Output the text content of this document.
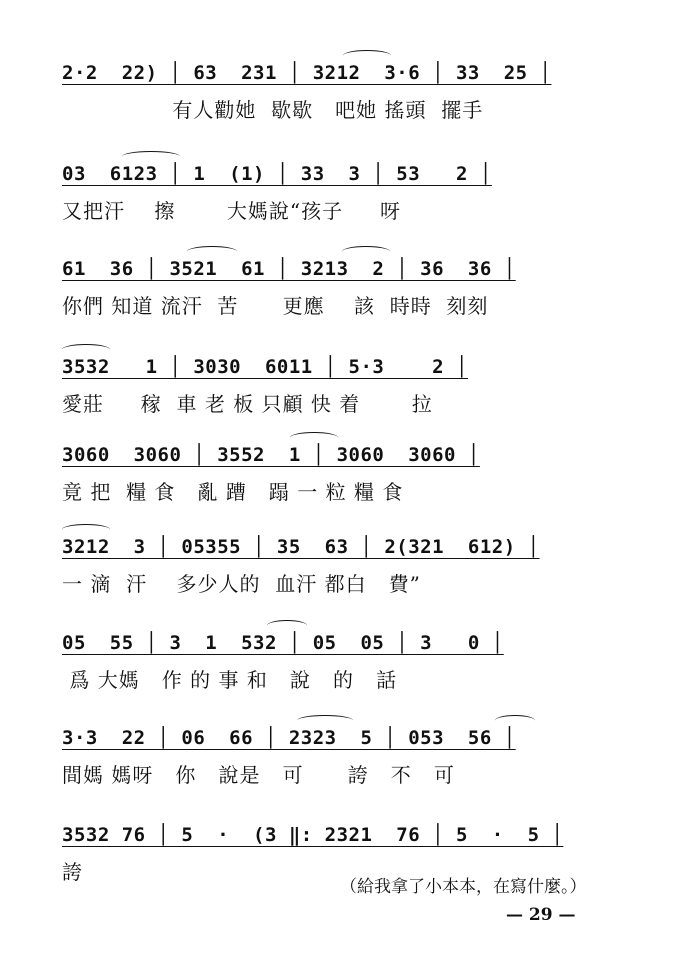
2·2  22) │ 63  231 │ 3212  3·6 │ 33  25 │
有人勸她  歇歇   吧她 搖頭  擺手
03  6123 │ 1  (1) │ 33  3 │ 53   2 │
又把汗    擦       大媽說“孩子     呀
61  36 │ 3521  61 │ 3213  2 │ 36  36 │
你們 知道 流汗  苦      更應    該  時時  刻刻
3532   1 │ 3030  6011 │ 5·3    2 │
愛莊     稼  車 老 板 只顧 快 着       拉
3060  3060 │ 3552  1 │ 3060  3060 │
竟 把  糧 食   亂 蹧   蹋 一 粒 糧 食
3212  3 │ 05355 │ 35  63 │ 2(321  612) │
一 滴  汗    多少人的  血汗 都白   費”
05  55 │ 3  1  532 │ 05  05 │ 3   0 │
爲 大媽   作 的 事 和   說   的   話
3·3  22 │ 06  66 │ 2323  5 │ 053  56 │
間媽 媽呀   你   說是   可      誇   不   可
3532 76 │ 5  ·  (3 ‖: 2321  76 │ 5  ·  5 │
誇
（給我拿了小本本，在寫什麼。）
— 29 —
